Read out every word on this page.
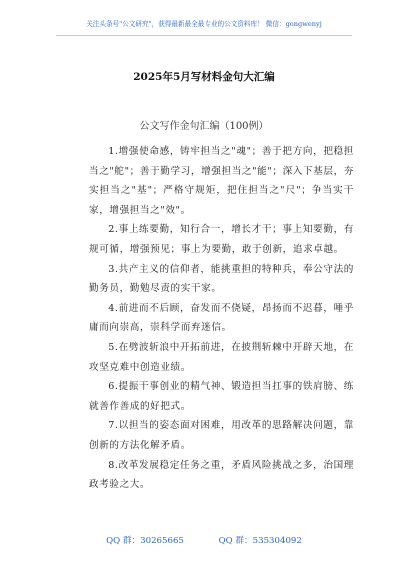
关注头条号"公文研究"，获得最新最全最专业的公文资料库！ 微信：gongwenyj
2025年5月写材料金句大汇编
公文写作金句汇编（100例）

1.增强使命感，铸牢担当之"魂"；善于把方向，把稳担当之"舵"；善于勤学习，增强担当之"能"；深入下基层，夯实担当之"基"；严格守规矩，把住担当之"尺"；争当实干家，增强担当之"效"。

2.事上练要勤，知行合一，增长才干；事上知要勤，有规可循，增强预见；事上为要勤，敢于创新，追求卓越。

3.共产主义的信仰者，能挑重担的特种兵，奉公守法的勤务员，勤勉尽责的实干家。

4.前进而不后顾，奋发而不侥疑，昂扬而不迟暮，唾乎庸而向崇高，崇科学而弃迷信。

5.在劈波斩浪中开拓前进，在披荆斩棘中开辟天地，在攻坚克难中创造业绩。

6.提振干事创业的精气神、锻造担当扛事的铁肩膀、练就善作善成的好把式。

7.以担当的姿态面对困难，用改革的思路解决问题，靠创新的方法化解矛盾。

8.改革发展稳定任务之重，矛盾风险挑战之多，治国理政考验之大。

QQ 群：30265665	QQ 群：535304092
